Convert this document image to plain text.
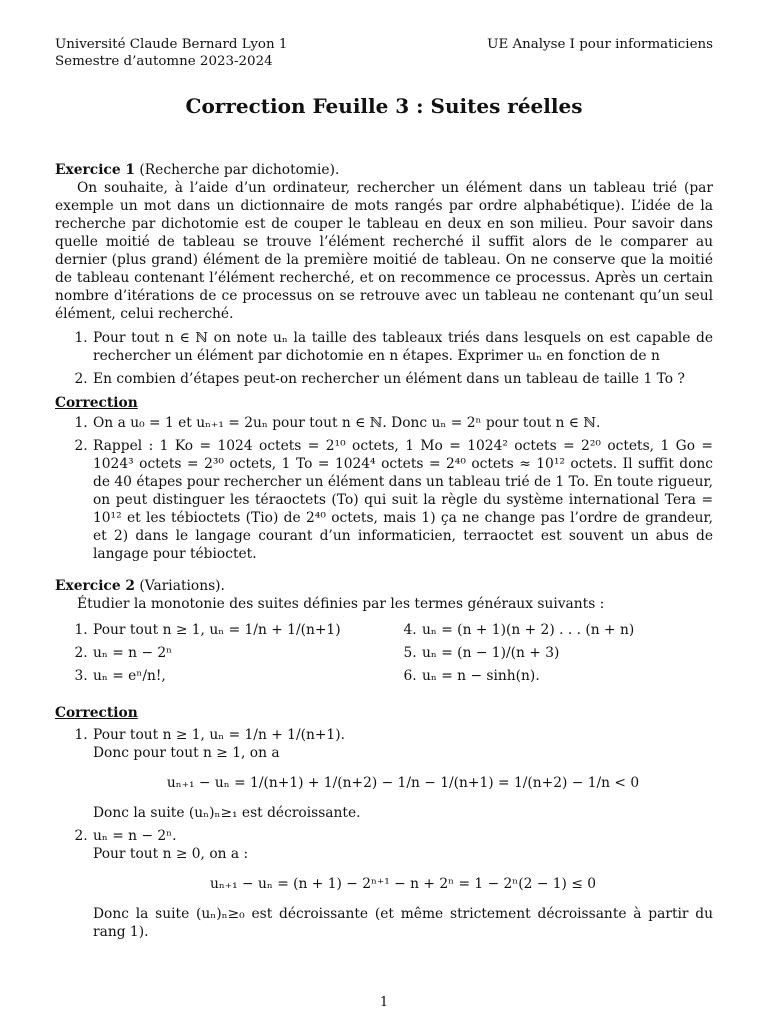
Université Claude Bernard Lyon 1
Semestre d’automne 2023-2024
UE Analyse I pour informaticiens
Correction Feuille 3 : Suites réelles

Exercice 1 (Recherche par dichotomie).

On souhaite, à l’aide d’un ordinateur, rechercher un élément dans un tableau trié (par exemple un mot dans un dictionnaire de mots rangés par ordre alphabétique). L’idée de la recherche par dichotomie est de couper le tableau en deux en son milieu. Pour savoir dans quelle moitié de tableau se trouve l’élément recherché il suffit alors de le comparer au dernier (plus grand) élément de la première moitié de tableau. On ne conserve que la moitié de tableau contenant l’élément recherché, et on recommence ce processus. Après un certain nombre d’itérations de ce processus on se retrouve avec un tableau ne contenant qu’un seul élément, celui recherché.

1. Pour tout n ∈ ℕ on note uₙ la taille des tableaux triés dans lesquels on est capable de rechercher un élément par dichotomie en n étapes. Exprimer uₙ en fonction de n
2. En combien d’étapes peut-on rechercher un élément dans un tableau de taille 1 To ?
Correction
1. On a u₀ = 1 et uₙ₊₁ = 2uₙ pour tout n ∈ ℕ. Donc uₙ = 2ⁿ pour tout n ∈ ℕ.
2. Rappel : 1 Ko = 1024 octets = 2¹⁰ octets, 1 Mo = 1024² octets = 2²⁰ octets, 1 Go = 1024³ octets = 2³⁰ octets, 1 To = 1024⁴ octets = 2⁴⁰ octets ≈ 10¹² octets. Il suffit donc de 40 étapes pour rechercher un élément dans un tableau trié de 1 To. En toute rigueur, on peut distinguer les téraoctets (To) qui suit la règle du système international Tera = 10¹² et les tébioctets (Tio) de 2⁴⁰ octets, mais 1) ça ne change pas l’ordre de grandeur, et 2) dans le langage courant d’un informaticien, terraoctet est souvent un abus de langage pour tébioctet.

Exercice 2 (Variations).

Étudier la monotonie des suites définies par les termes généraux suivants :

1. Pour tout n ≥ 1, uₙ = 1/n + 1/(n+1)
2. uₙ = n − 2ⁿ
3. uₙ = eⁿ/n!,
4. uₙ = (n + 1)(n + 2) . . . (n + n)
5. uₙ = (n − 1)/(n + 3)
6. uₙ = n − sinh(n).
Correction
1. Pour tout n ≥ 1, uₙ = 1/n + 1/(n+1).
Donc pour tout n ≥ 1, on a
uₙ₊₁ − uₙ = 1/(n+1) + 1/(n+2) − 1/n − 1/(n+1) = 1/(n+2) − 1/n < 0
Donc la suite (uₙ)ₙ≥₁ est décroissante.
2. uₙ = n − 2ⁿ.
Pour tout n ≥ 0, on a :
uₙ₊₁ − uₙ = (n + 1) − 2ⁿ⁺¹ − n + 2ⁿ = 1 − 2ⁿ(2 − 1) ≤ 0
Donc la suite (uₙ)ₙ≥₀ est décroissante (et même strictement décroissante à partir du rang 1).
1
